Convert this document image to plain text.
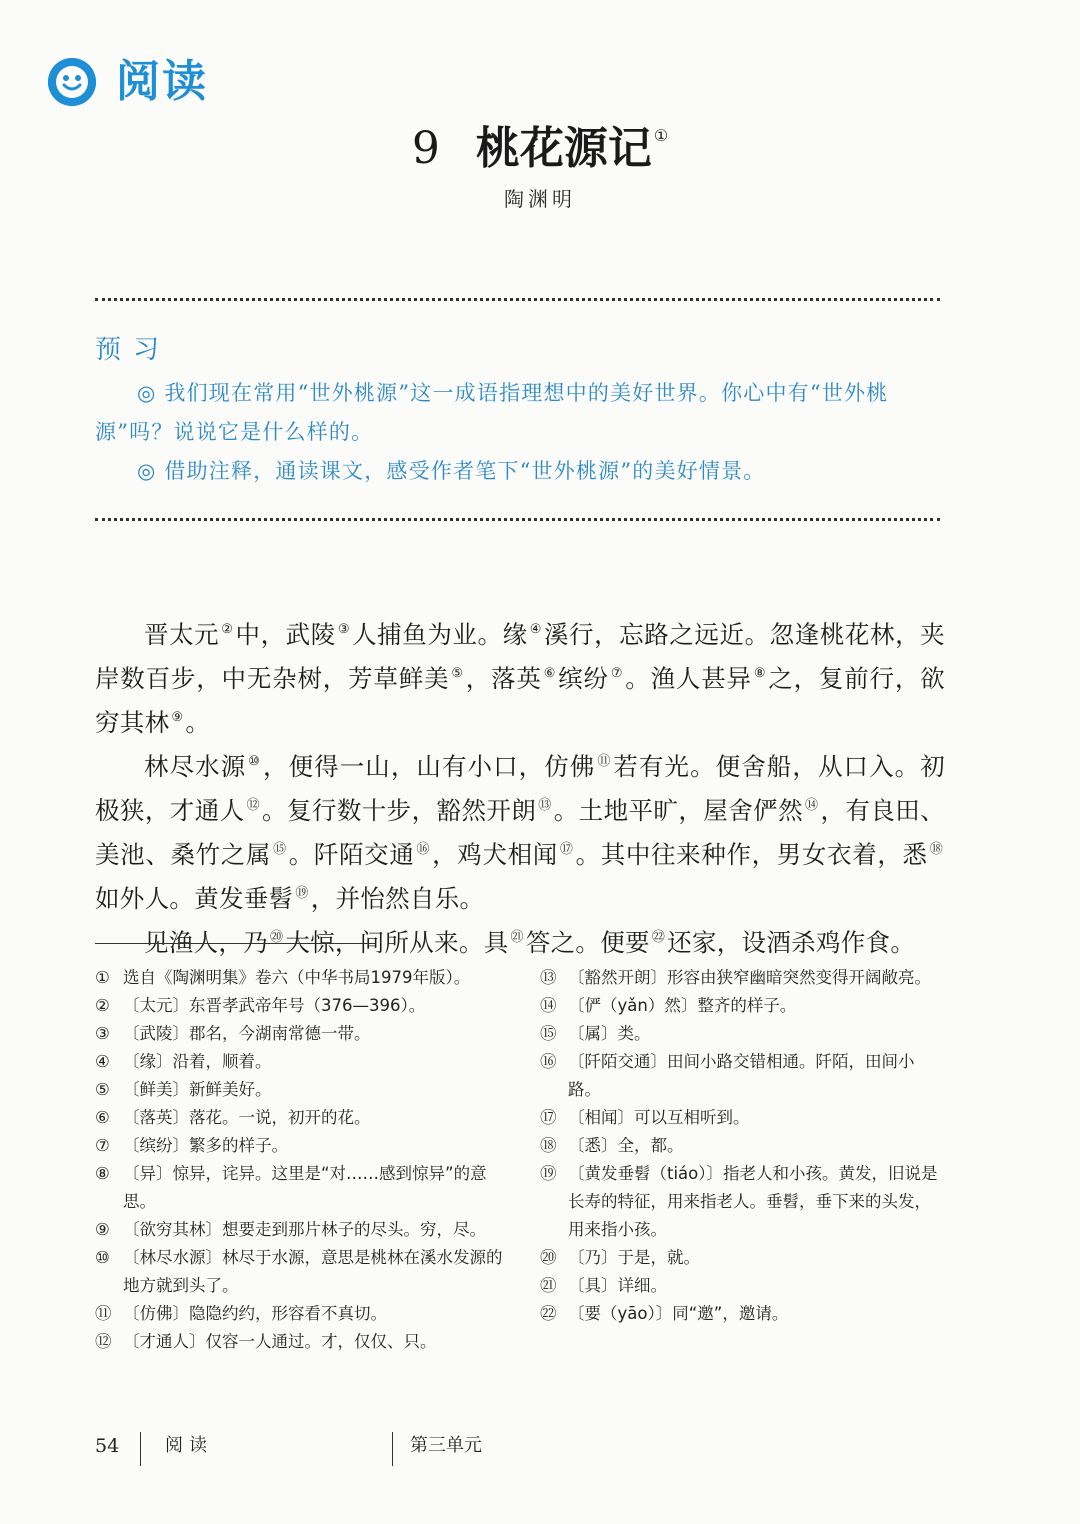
阅读
9 桃花源记 ①
陶渊明
预习
◎ 我们现在常用“世外桃源”这一成语指理想中的美好世界。你心中有“世外桃源”吗？说说它是什么样的。
◎ 借助注释，通读课文，感受作者笔下“世外桃源”的美好情景。

晋太元 ②中，武陵 ③人捕鱼为业。缘 ④溪行，忘路之远近。忽逢桃花林，夹岸数百步，中无杂树，芳草鲜美 ⑤，落英 ⑥缤纷 ⑦。渔人甚异 ⑧之，复前行，欲穷其林 ⑨。

林尽水源 ⑩，便得一山，山有小口，仿佛 ⑪若有光。便舍船，从口入。初极狭，才通人 ⑫。复行数十步，豁然开朗 ⑬。土地平旷，屋舍俨然 ⑭，有良田、美池、桑竹之属 ⑮。阡陌交通 ⑯，鸡犬相闻 ⑰。其中往来种作，男女衣着，悉 ⑱如外人。黄发垂髫 ⑲，并怡然自乐。

见渔人，乃 ⑳大惊，问所从来。具 $^㉑$答之。便要 $^㉒$还家，设酒杀鸡作食。

① 选自《陶渊明集》卷六（中华书局1979年版）。
② 〔太元〕东晋孝武帝年号（376—396）。
③ 〔武陵〕郡名，今湖南常德一带。
④ 〔缘〕沿着，顺着。
⑤ 〔鲜美〕新鲜美好。
⑥ 〔落英〕落花。一说，初开的花。
⑦ 〔缤纷〕繁多的样子。
⑧ 〔异〕惊异，诧异。这里是“对……感到惊异”的意思。
⑨ 〔欲穷其林〕想要走到那片林子的尽头。穷，尽。
⑩ 〔林尽水源〕林尽于水源，意思是桃林在溪水发源的地方就到头了。
⑪ 〔仿佛〕隐隐约约，形容看不真切。
⑫ 〔才通人〕仅容一人通过。才，仅仅、只。
⑬ 〔豁然开朗〕形容由狭窄幽暗突然变得开阔敞亮。
⑭ 〔俨（yǎn）然〕整齐的样子。
⑮ 〔属〕类。
⑯ 〔阡陌交通〕田间小路交错相通。阡陌，田间小路。
⑰ 〔相闻〕可以互相听到。
⑱ 〔悉〕全，都。
⑲ 〔黄发垂髫（tiáo）〕指老人和小孩。黄发，旧说是长寿的特征，用来指老人。垂髫，垂下来的头发，用来指小孩。
⑳ 〔乃〕于是，就。
㉑ 〔具〕详细。
㉒ 〔要（yāo）〕同“邀”，邀请。
54	阅读	第三单元
